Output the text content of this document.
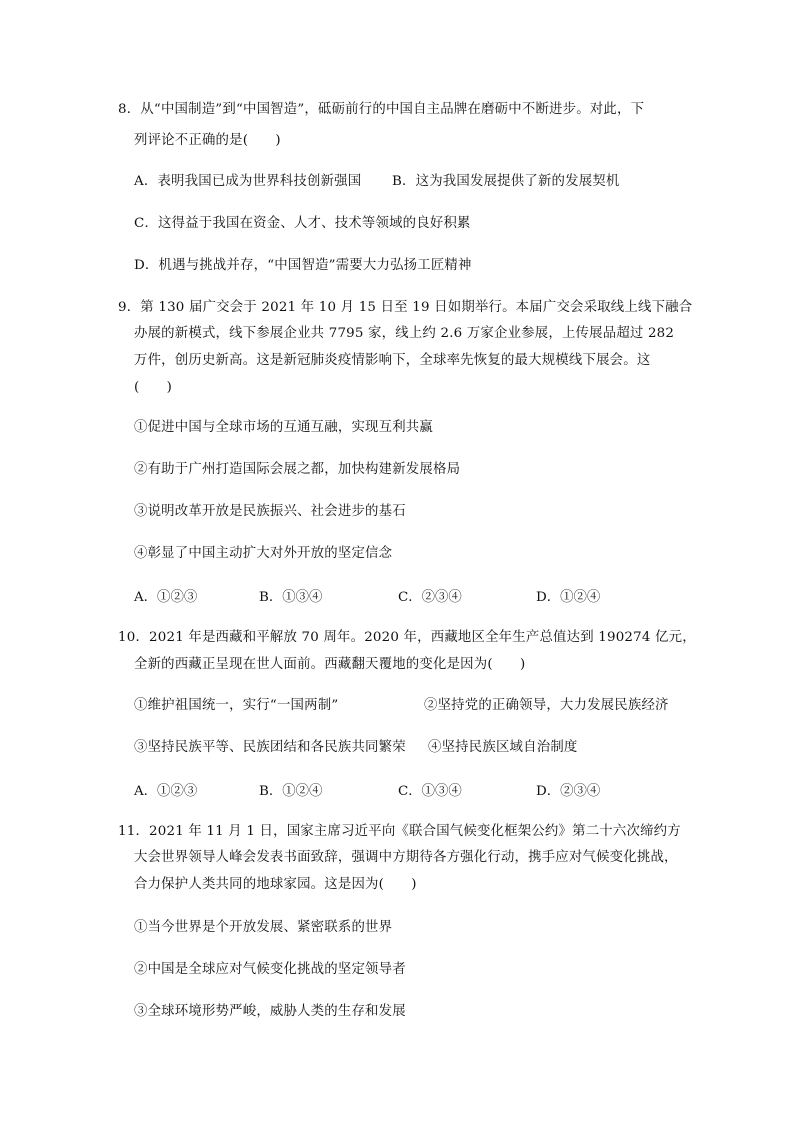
8．从“中国制造”到“中国智造”，砥砺前行的中国自主品牌在磨砺中不断进步。对此，下
列评论不正确的是(　　)
A．表明我国已成为世界科技创新强国 B．这为我国发展提供了新的发展契机
C．这得益于我国在资金、人才、技术等领域的良好积累
D．机遇与挑战并存，“中国智造”需要大力弘扬工匠精神
9．第 130 届广交会于 2021 年 10 月 15 日至 19 日如期举行。本届广交会采取线上线下融合
办展的新模式，线下参展企业共 7795 家，线上约 2.6 万家企业参展，上传展品超过 282
万件，创历史新高。这是新冠肺炎疫情影响下，全球率先恢复的最大规模线下展会。这
(　　)
①促进中国与全球市场的互通互融，实现互利共赢
②有助于广州打造国际会展之都，加快构建新发展格局
③说明改革开放是民族振兴、社会进步的基石
④彰显了中国主动扩大对外开放的坚定信念
A．①②③	B．①③④	C．②③④	D．①②④
10．2021 年是西藏和平解放 70 周年。2020 年，西藏地区全年生产总值达到 190274 亿元，
全新的西藏正呈现在世人面前。西藏翻天覆地的变化是因为(　　)
①维护祖国统一，实行“一国两制”	②坚持党的正确领导，大力发展民族经济
③坚持民族平等、民族团结和各民族共同繁荣 ④坚持民族区域自治制度
A．①②③	B．①②④	C．①③④	D．②③④
11．2021 年 11 月 1 日，国家主席习近平向《联合国气候变化框架公约》第二十六次缔约方
大会世界领导人峰会发表书面致辞，强调中方期待各方强化行动，携手应对气候变化挑战，
合力保护人类共同的地球家园。这是因为(　　)
①当今世界是个开放发展、紧密联系的世界
②中国是全球应对气候变化挑战的坚定领导者
③全球环境形势严峻，威胁人类的生存和发展
